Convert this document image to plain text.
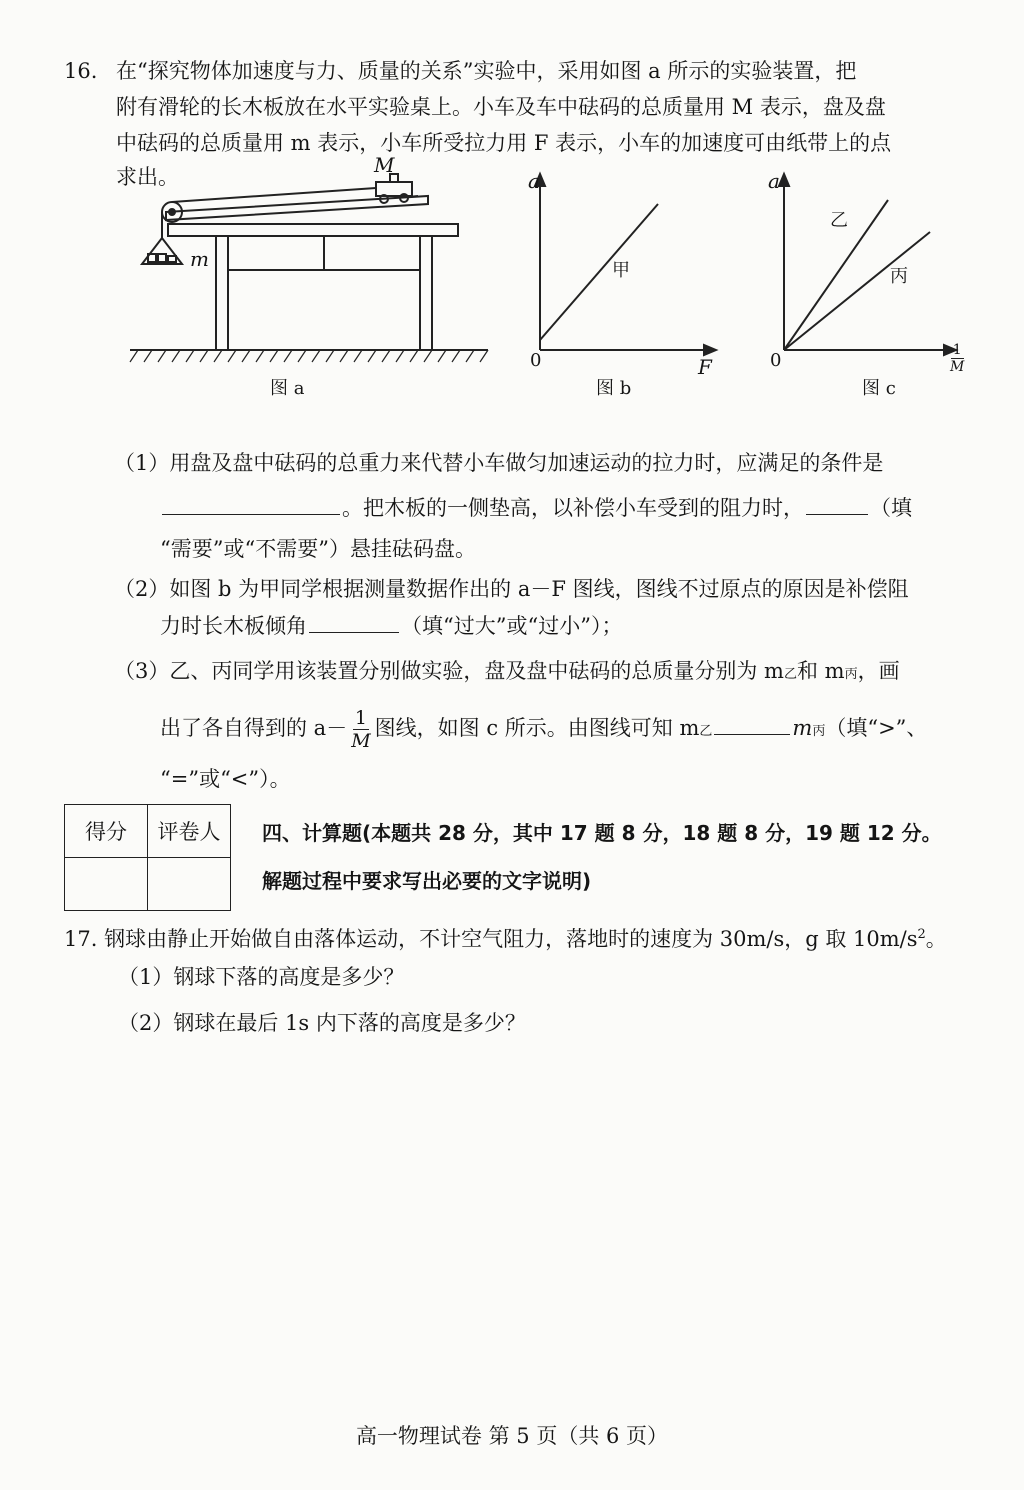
16. 在“探究物体加速度与力、质量的关系”实验中，采用如图 a 所示的实验装置，把
附有滑轮的长木板放在水平实验桌上。小车及车中砝码的总质量用 M 表示，盘及盘
中砝码的总质量用 m 表示，小车所受拉力用 F 表示，小车的加速度可由纸带上的点
求出。	M
m
图 a
a
0	F
甲
图 b
a
0
乙
丙
$\frac{1}{M}$
图 c
（1）用盘及盘中砝码的总重力来代替小车做匀加速运动的拉力时，应满足的条件是
。把木板的一侧垫高，以补偿小车受到的阻力时，	（填
“需要”或“不需要”）悬挂砝码盘。
（2）如图 b 为甲同学根据测量数据作出的 a－F 图线，图线不过原点的原因是补偿阻
力时长木板倾角	（填“过大”或“过小”）；
（3）乙、丙同学用该装置分别做实验，盘及盘中砝码的总质量分别为 m乙和 m丙，画
出了各自得到的 $a- \frac{1}{M}$ 图线，如图 c 所示。由图线可知 m乙	m丙（填“>”、
“=”或“<”）。
得分	评卷人
	四、计算题(本题共 28 分，其中 17 题 8 分，18 题 8 分，19 题 12 分。
解题过程中要求写出必要的文字说明)
17. 钢球由静止开始做自由落体运动，不计空气阻力，落地时的速度为 30m/s，g 取 $10m/s^2$。
（1）钢球下落的高度是多少？
（2）钢球在最后 1s 内下落的高度是多少？
高一物理试卷 第 5 页（共 6 页）
